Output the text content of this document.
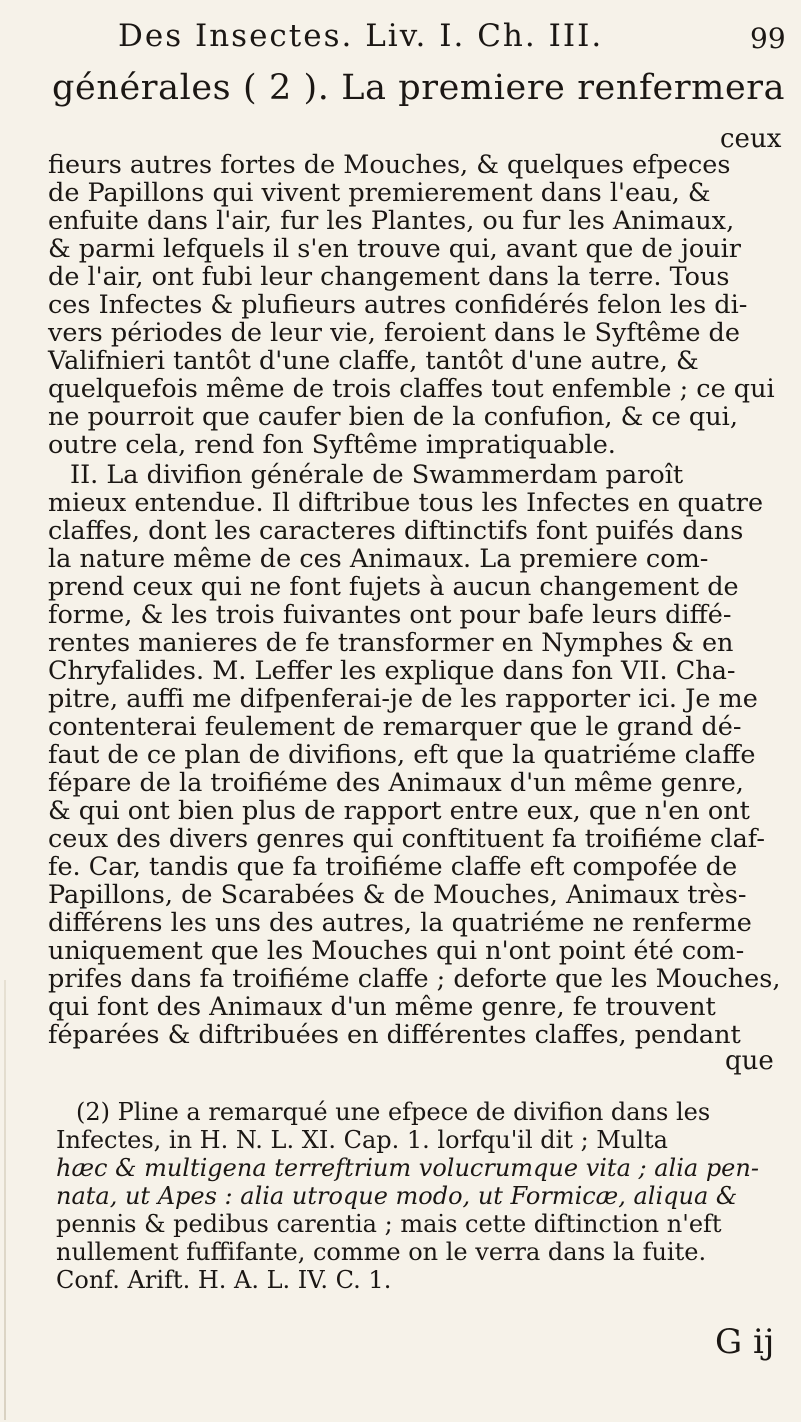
Des Insectes. Liv. I. Ch. III.	99
générales ( 2 ). La premiere renfermera
ceux
fieurs autres fortes de Mouches, & quelques efpeces
de Papillons qui vivent premierement dans l'eau, &
enfuite dans l'air, fur les Plantes, ou fur les Animaux,
& parmi lefquels il s'en trouve qui, avant que de jouir
de l'air, ont fubi leur changement dans la terre. Tous
ces Infectes & plufieurs autres confidérés felon les di-
vers périodes de leur vie, feroient dans le Syftême de
Valifnieri tantôt d'une claffe, tantôt d'une autre, &
quelquefois même de trois claffes tout enfemble ; ce qui
ne pourroit que caufer bien de la confufion, & ce qui,
outre cela, rend fon Syftême impratiquable.
II. La divifion générale de Swammerdam paroît
mieux entendue. Il diftribue tous les Infectes en quatre
claffes, dont les caracteres diftinctifs font puifés dans
la nature même de ces Animaux. La premiere com-
prend ceux qui ne font fujets à aucun changement de
forme, & les trois fuivantes ont pour bafe leurs diffé-
rentes manieres de fe transformer en Nymphes & en
Chryfalides. M. Leffer les explique dans fon VII. Cha-
pitre, auffi me difpenferai-je de les rapporter ici. Je me
contenterai feulement de remarquer que le grand dé-
faut de ce plan de divifions, eft que la quatriéme claffe
fépare de la troifiéme des Animaux d'un même genre,
& qui ont bien plus de rapport entre eux, que n'en ont
ceux des divers genres qui conftituent fa troifiéme claf-
fe. Car, tandis que fa troifiéme claffe eft compofée de
Papillons, de Scarabées & de Mouches, Animaux très-
différens les uns des autres, la quatriéme ne renferme
uniquement que les Mouches qui n'ont point été com-
prifes dans fa troifiéme claffe ; deforte que les Mouches,
qui font des Animaux d'un même genre, fe trouvent
féparées & diftribuées en différentes claffes, pendant
que
(2) Pline a remarqué une efpece de divifion dans les
Infectes, in H. N. L. XI. Cap. 1. lorfqu'il dit ; Multa
hæc & multigena terreftrium volucrumque vita ; alia pen-
nata, ut Apes : alia utroque modo, ut Formicæ, aliqua &
pennis & pedibus carentia ; mais cette diftinction n'eft
nullement fuffifante, comme on le verra dans la fuite.
Conf. Arift. H. A. L. IV. C. 1.
G ij
